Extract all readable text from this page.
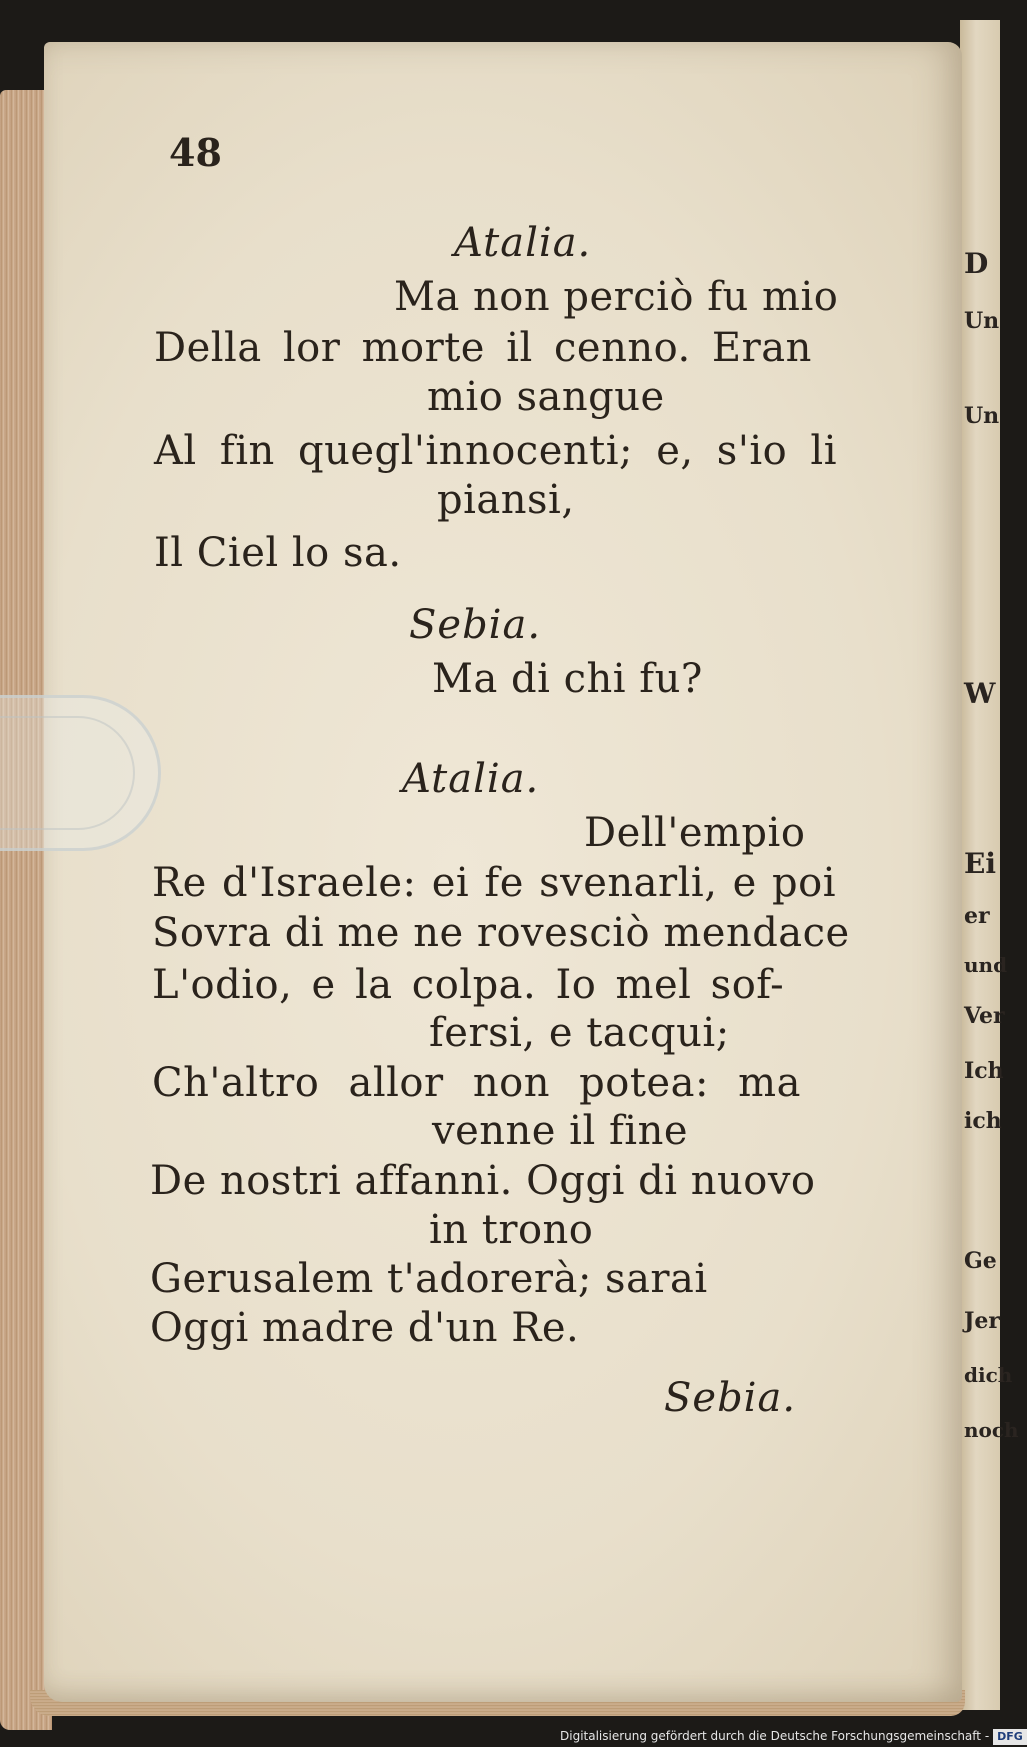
D
Un
Un
W
Ei
er
und
Ver
Ich
ich
Ge
Jer
dich
noch
48
Atalia.
Ma non perciò fu mio
Della lor morte il cenno. Eran
mio sangue
Al fin quegl'innocenti; e, s'io li
piansi,
Il Ciel lo sa.
Sebia.
Ma di chi fu?
Atalia.
Dell'empio
Re d'Israele: ei fe svenarli, e poi
Sovra di me ne rovesciò mendace
L'odio, e la colpa. Io mel sof-
fersi, e tacqui;
Ch'altro allor non potea: ma
venne il fine
De nostri affanni. Oggi di nuovo
in trono
Gerusalem t'adorerà; sarai
Oggi madre d'un Re.
Sebia.
Digitalisierung gefördert durch die Deutsche Forschungsgemeinschaft - DFG
